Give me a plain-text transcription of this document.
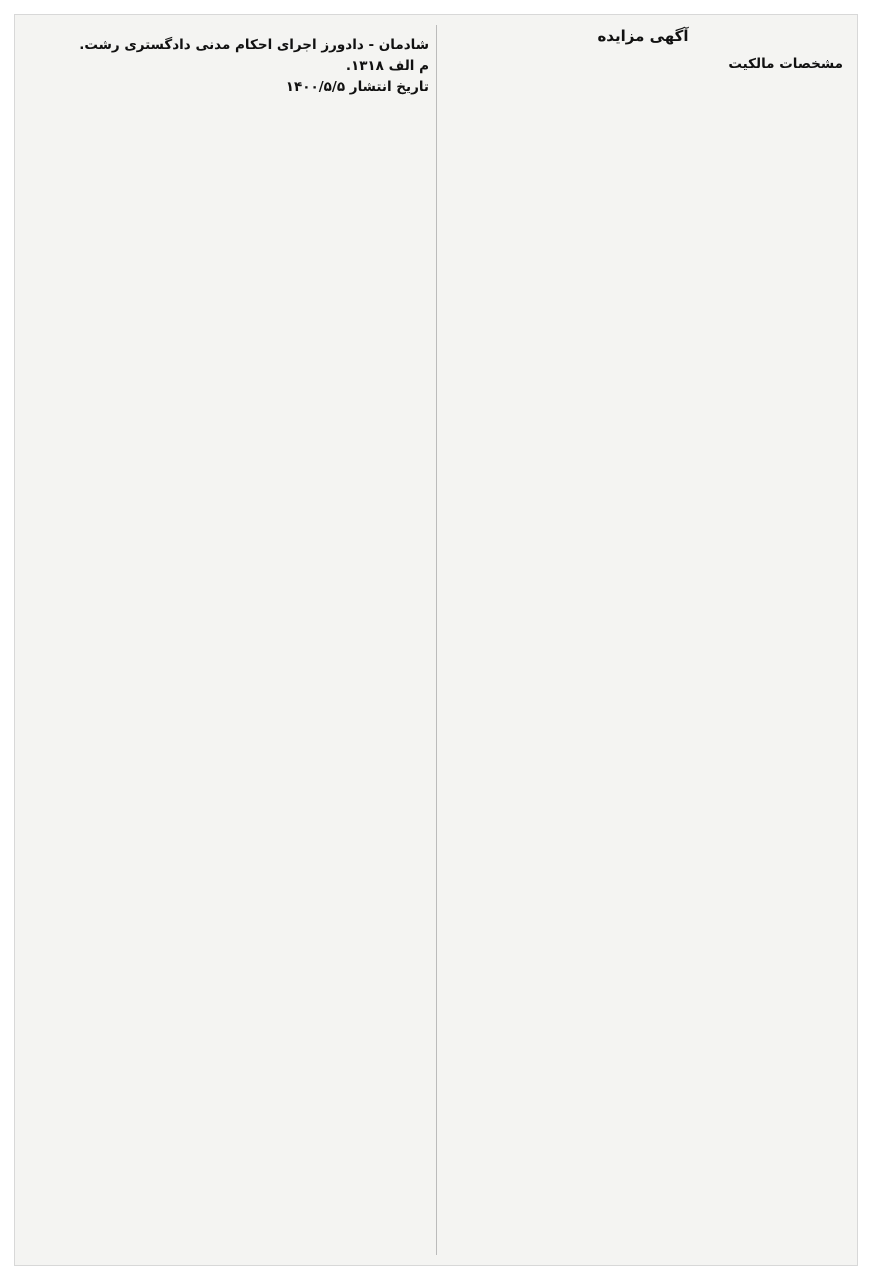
آگهی مزایده

مشخصات مالکیت

شادمان - دادورز اجرای احکام مدنی دادگستری رشت.

م الف ۱۳۱۸.

تاریخ انتشار ۱۴۰۰/۵/۵
